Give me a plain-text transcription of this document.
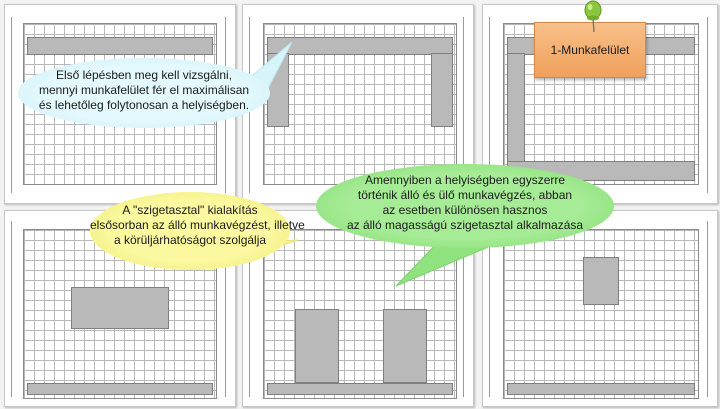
Első lépésben meg kell vizsgálni,
mennyi munkafelület fér el maximálisan
és lehetőleg folytonosan a helyiségben.
A "szigetasztal" kialakítás
elsősorban az álló munkavégzést, illetve
a körüljárhatóságot szolgálja
Amennyiben a helyiségben egyszerre
történik álló és ülő munkavégzés, abban
az esetben különösen hasznos
az álló magasságú szigetasztal alkalmazása
1-Munkafelület
